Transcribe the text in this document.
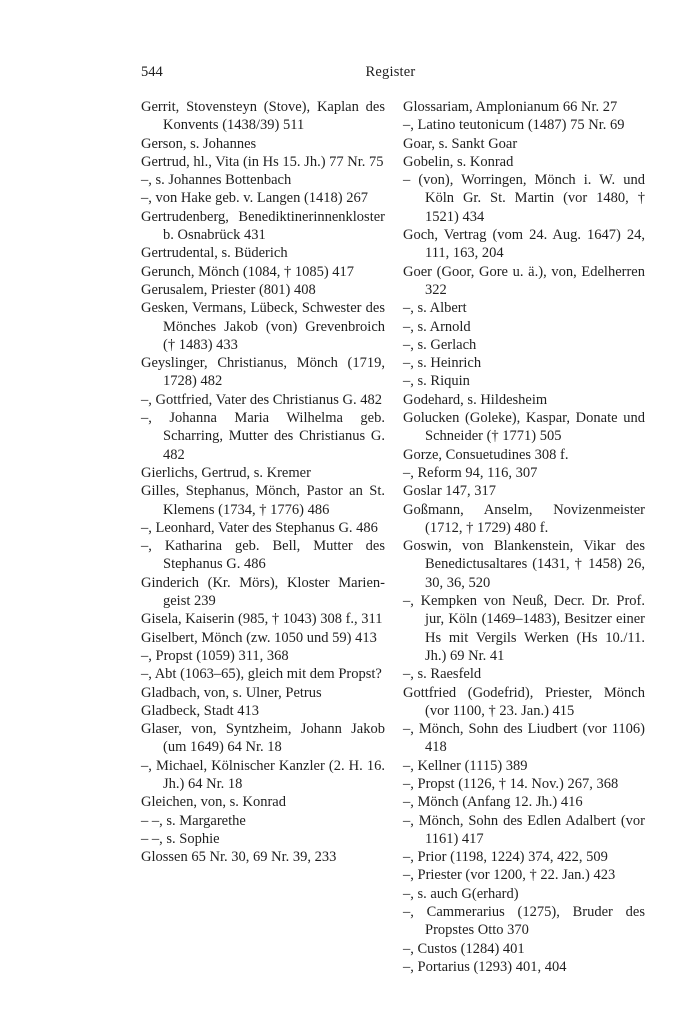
544	Register
Gerrit, Stovensteyn (Stove), Kaplan des Konvents (1438/39) 511
Gerson, s. Johannes
Gertrud, hl., Vita (in Hs 15. Jh.) 77 Nr. 75
–, s. Johannes Bottenbach
–, von Hake geb. v. Langen (1418) 267
Gertrudenberg, Benediktinerinnenkloster b. Osnabrück 431
Gertrudental, s. Büderich
Gerunch, Mönch (1084, † 1085) 417
Gerusalem, Priester (801) 408
Gesken, Vermans, Lübeck, Schwester des Mönches Jakob (von) Grevenbroich († 1483) 433
Geyslinger, Christianus, Mönch (1719, 1728) 482
–, Gottfried, Vater des Christianus G. 482
–, Johanna Maria Wilhelma geb. Scharring, Mutter des Christianus G. 482
Gierlichs, Gertrud, s. Kremer
Gilles, Stephanus, Mönch, Pastor an St. Klemens (1734, † 1776) 486
–, Leonhard, Vater des Stephanus G. 486
–, Katharina geb. Bell, Mutter des Stephanus G. 486
Ginderich (Kr. Mörs), Kloster Mariengeist 239
Gisela, Kaiserin (985, † 1043) 308 f., 311
Giselbert, Mönch (zw. 1050 und 59) 413
–, Propst (1059) 311, 368
–, Abt (1063–65), gleich mit dem Propst?
Gladbach, von, s. Ulner, Petrus
Gladbeck, Stadt 413
Glaser, von, Syntzheim, Johann Jakob (um 1649) 64 Nr. 18
–, Michael, Kölnischer Kanzler (2. H. 16. Jh.) 64 Nr. 18
Gleichen, von, s. Konrad
– –, s. Margarethe
– –, s. Sophie
Glossen 65 Nr. 30, 69 Nr. 39, 233
Glossariam, Amplonianum 66 Nr. 27
–, Latino teutonicum (1487) 75 Nr. 69
Goar, s. Sankt Goar
Gobelin, s. Konrad
– (von), Worringen, Mönch i. W. und Köln Gr. St. Martin (vor 1480, † 1521) 434
Goch, Vertrag (vom 24. Aug. 1647) 24, 111, 163, 204
Goer (Goor, Gore u. ä.), von, Edelherren 322
–, s. Albert
–, s. Arnold
–, s. Gerlach
–, s. Heinrich
–, s. Riquin
Godehard, s. Hildesheim
Golucken (Goleke), Kaspar, Donate und Schneider († 1771) 505
Gorze, Consuetudines 308 f.
–, Reform 94, 116, 307
Goslar 147, 317
Goßmann, Anselm, Novizenmeister (1712, † 1729) 480 f.
Goswin, von Blankenstein, Vikar des Benedictusaltares (1431, † 1458) 26, 30, 36, 520
–, Kempken von Neuß, Decr. Dr. Prof. jur, Köln (1469–1483), Besitzer einer Hs mit Vergils Werken (Hs 10./11. Jh.) 69 Nr. 41
–, s. Raesfeld
Gottfried (Godefrid), Priester, Mönch (vor 1100, † 23. Jan.) 415
–, Mönch, Sohn des Liudbert (vor 1106) 418
–, Kellner (1115) 389
–, Propst (1126, † 14. Nov.) 267, 368
–, Mönch (Anfang 12. Jh.) 416
–, Mönch, Sohn des Edlen Adalbert (vor 1161) 417
–, Prior (1198, 1224) 374, 422, 509
–, Priester (vor 1200, † 22. Jan.) 423
–, s. auch G(erhard)
–, Cammerarius (1275), Bruder des Propstes Otto 370
–, Custos (1284) 401
–, Portarius (1293) 401, 404
